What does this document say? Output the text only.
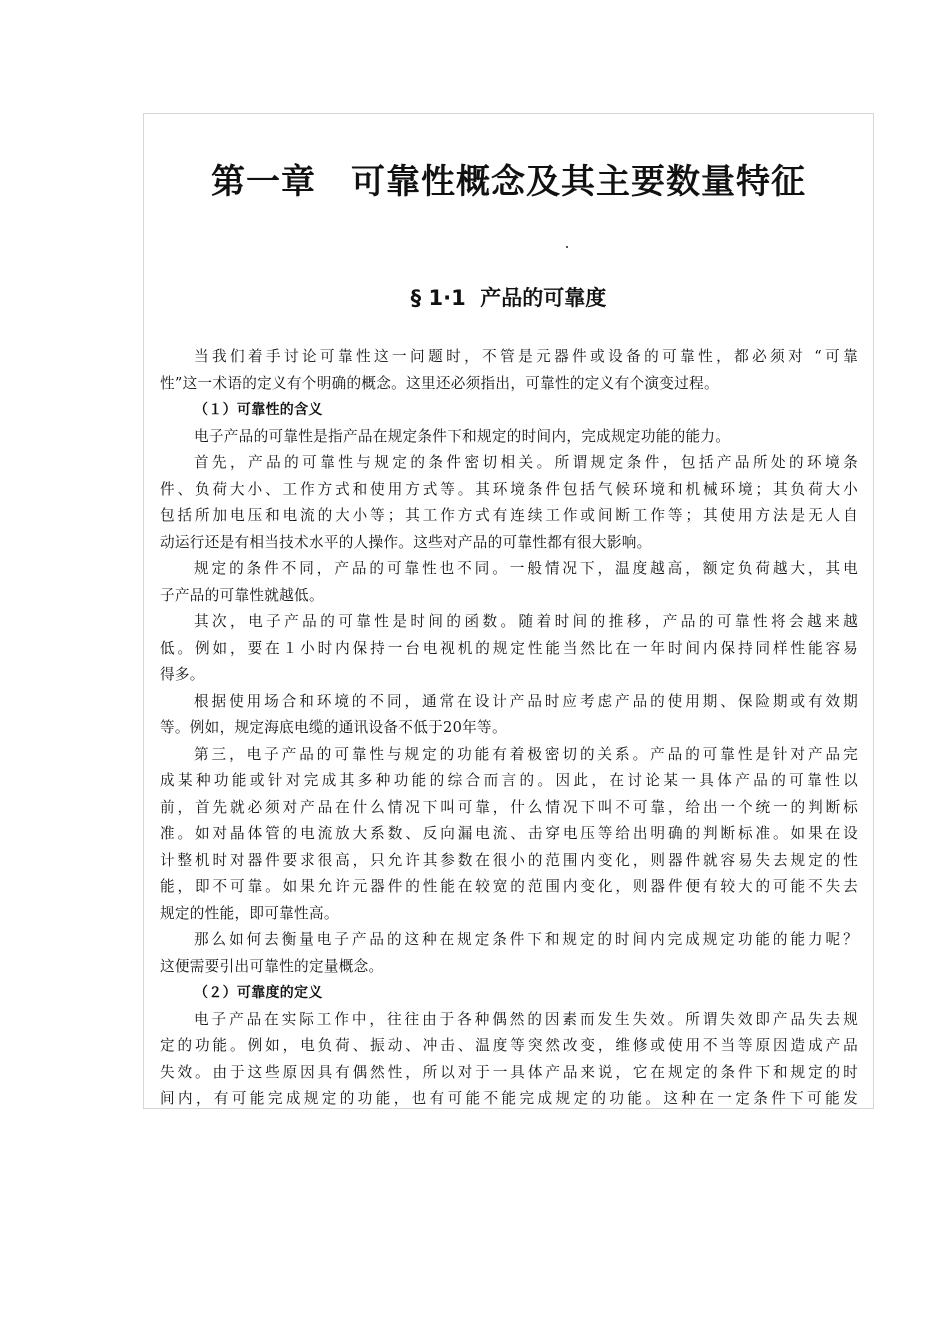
第一章　可靠性概念及其主要数量特征
§ 1·1  产品的可靠度
当我们着手讨论可靠性这一问题时，不管是元器件或设备的可靠性，都必须对 “可靠
性”这一术语的定义有个明确的概念。这里还必须指出，可靠性的定义有个演变过程。
（１）可靠性的含义
电子产品的可靠性是指产品在规定条件下和规定的时间内，完成规定功能的能力。
首先，产品的可靠性与规定的条件密切相关。所谓规定条件，包括产品所处的环境条
件、负荷大小、工作方式和使用方式等。其环境条件包括气候环境和机械环境；其负荷大小
包括所加电压和电流的大小等；其工作方式有连续工作或间断工作等；其使用方法是无人自
动运行还是有相当技术水平的人操作。这些对产品的可靠性都有很大影响。
规定的条件不同，产品的可靠性也不同。一般情况下，温度越高，额定负荷越大，其电
子产品的可靠性就越低。
其次，电子产品的可靠性是时间的函数。随着时间的推移，产品的可靠性将会越来越
低。例如，要在１小时内保持一台电视机的规定性能当然比在一年时间内保持同样性能容易
得多。
根据使用场合和环境的不同，通常在设计产品时应考虑产品的使用期、保险期或有效期
等。例如，规定海底电缆的通讯设备不低于20年等。
第三，电子产品的可靠性与规定的功能有着极密切的关系。产品的可靠性是针对产品完
成某种功能或针对完成其多种功能的综合而言的。因此，在讨论某一具体产品的可靠性以
前，首先就必须对产品在什么情况下叫可靠，什么情况下叫不可靠，给出一个统一的判断标
准。如对晶体管的电流放大系数、反向漏电流、击穿电压等给出明确的判断标准。如果在设
计整机时对器件要求很高，只允许其参数在很小的范围内变化，则器件就容易失去规定的性
能，即不可靠。如果允许元器件的性能在较宽的范围内变化，则器件便有较大的可能不失去
规定的性能，即可靠性高。
那么如何去衡量电子产品的这种在规定条件下和规定的时间内完成规定功能的能力呢？
这便需要引出可靠性的定量概念。
（２）可靠度的定义
电子产品在实际工作中，往往由于各种偶然的因素而发生失效。所谓失效即产品失去规
定的功能。例如，电负荷、振动、冲击、温度等突然改变，维修或使用不当等原因造成产品
失效。由于这些原因具有偶然性，所以对于一具体产品来说，它在规定的条件下和规定的时
间内，有可能完成规定的功能，也有可能不能完成规定的功能。这种在一定条件下可能发
